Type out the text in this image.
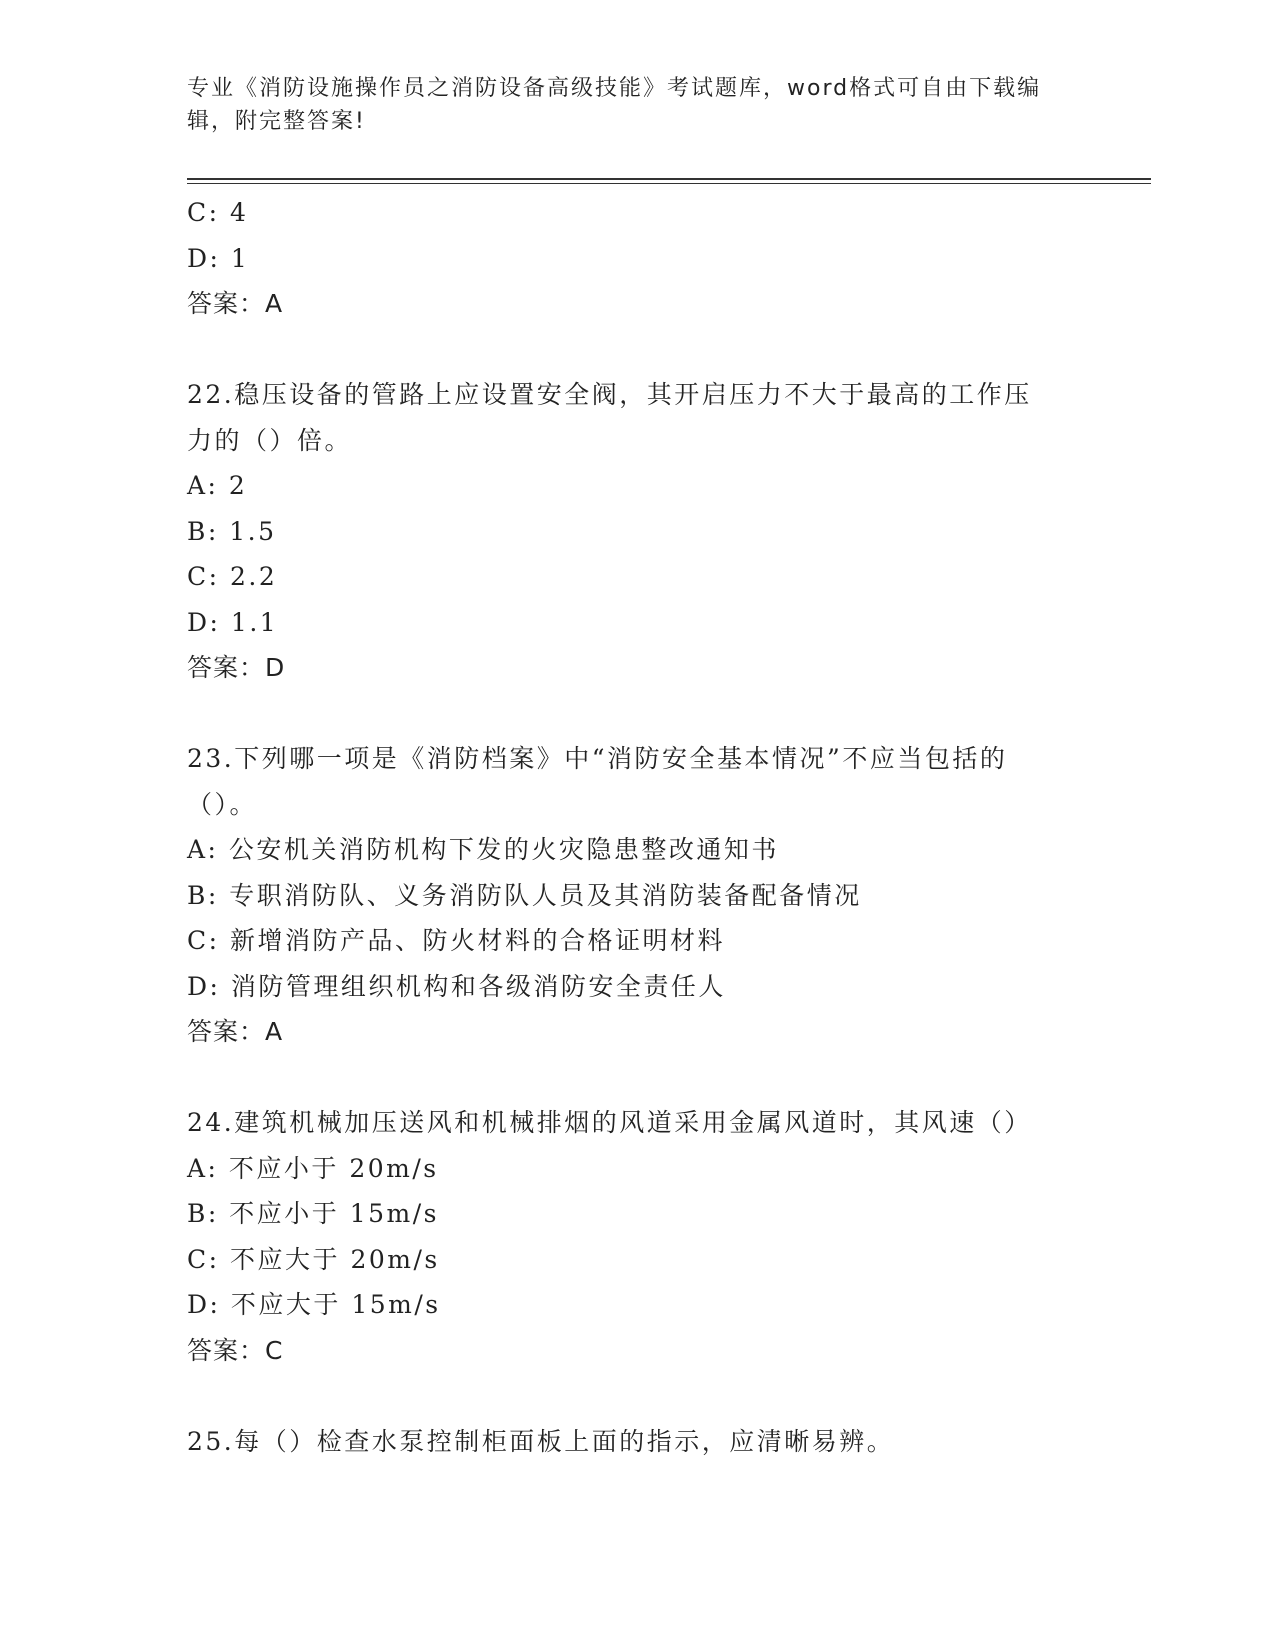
专业《消防设施操作员之消防设备高级技能》考试题库，word格式可自由下载编
辑，附完整答案!
C: 4
D: 1
答案：A
22.稳压设备的管路上应设置安全阀，其开启压力不大于最高的工作压
力的（）倍。
A: 2
B: 1.5
C: 2.2
D: 1.1
答案：D
23.下列哪一项是《消防档案》中“消防安全基本情况”不应当包括的
（）。
A: 公安机关消防机构下发的火灾隐患整改通知书
B: 专职消防队、义务消防队人员及其消防装备配备情况
C: 新增消防产品、防火材料的合格证明材料
D: 消防管理组织机构和各级消防安全责任人
答案：A
24.建筑机械加压送风和机械排烟的风道采用金属风道时，其风速（）
A: 不应小于 20m/s
B: 不应小于 15m/s
C: 不应大于 20m/s
D: 不应大于 15m/s
答案：C
25.每（）检查水泵控制柜面板上面的指示，应清晰易辨。
